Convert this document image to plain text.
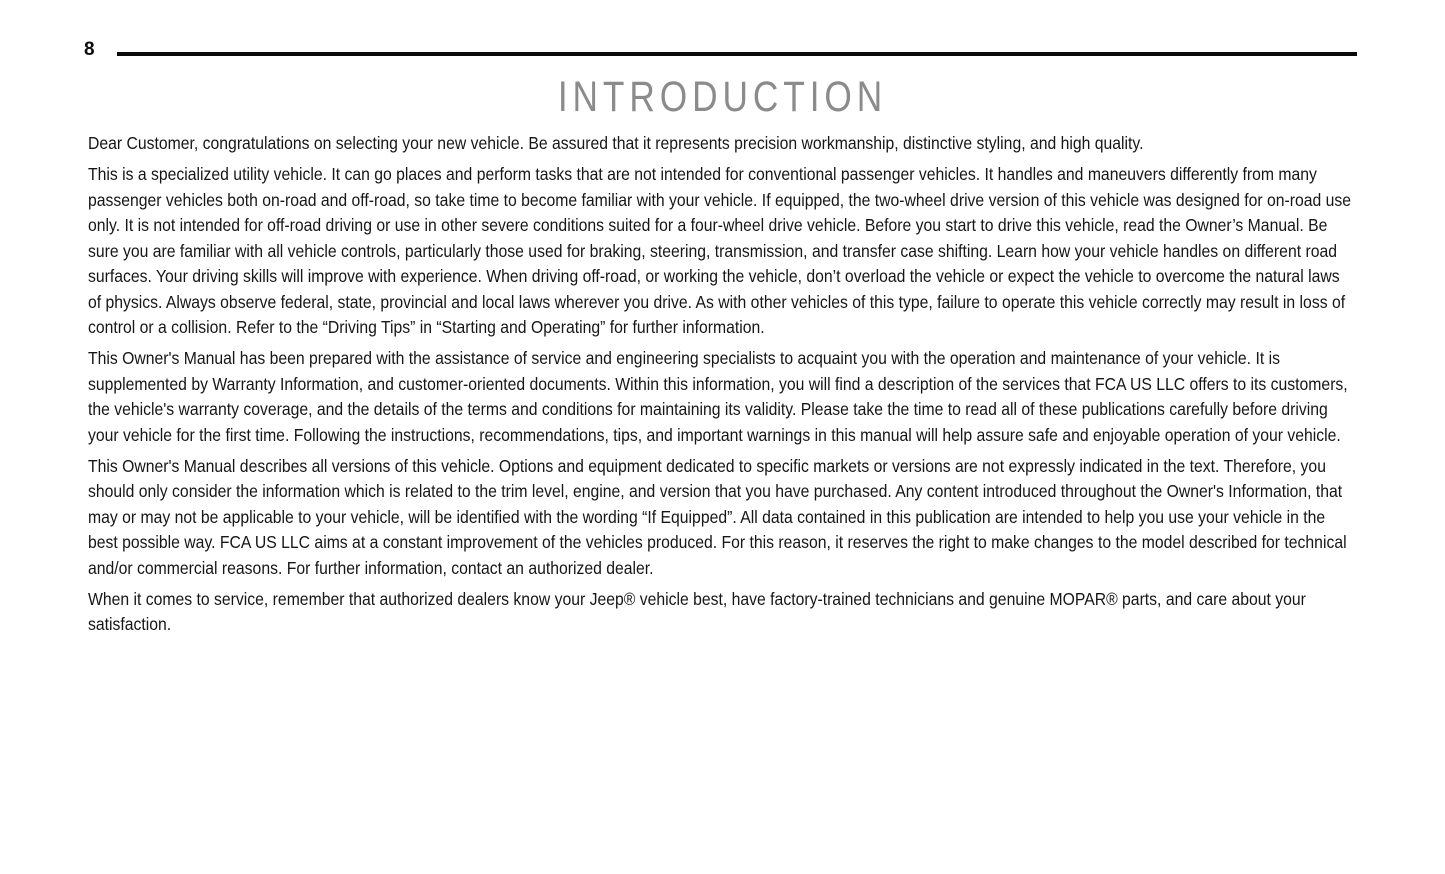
8
INTRODUCTION

Dear Customer, congratulations on selecting your new vehicle. Be assured that it represents precision workmanship, distinctive styling, and high quality.

This is a specialized utility vehicle. It can go places and perform tasks that are not intended for conventional passenger vehicles. It handles and maneuvers differently from many passenger vehicles both on-road and off-road, so take time to become familiar with your vehicle. If equipped, the two-wheel drive version of this vehicle was designed for on-road use only. It is not intended for off-road driving or use in other severe conditions suited for a four-wheel drive vehicle. Before you start to drive this vehicle, read the Owner’s Manual. Be sure you are familiar with all vehicle controls, particularly those used for braking, steering, transmission, and transfer case shifting. Learn how your vehicle handles on different road surfaces. Your driving skills will improve with experience. When driving off-road, or working the vehicle, don’t overload the vehicle or expect the vehicle to overcome the natural laws of physics. Always observe federal, state, provincial and local laws wherever you drive. As with other vehicles of this type, failure to operate this vehicle correctly may result in loss of control or a collision. Refer to the “Driving Tips” in “Starting and Operating” for further information.

This Owner's Manual has been prepared with the assistance of service and engineering specialists to acquaint you with the operation and maintenance of your vehicle. It is supplemented by Warranty Information, and customer-oriented documents. Within this information, you will find a description of the services that FCA US LLC offers to its customers, the vehicle's warranty coverage, and the details of the terms and conditions for maintaining its validity. Please take the time to read all of these publications carefully before driving your vehicle for the first time. Following the instructions, recommendations, tips, and important warnings in this manual will help assure safe and enjoyable operation of your vehicle.

This Owner's Manual describes all versions of this vehicle. Options and equipment dedicated to specific markets or versions are not expressly indicated in the text. Therefore, you should only consider the information which is related to the trim level, engine, and version that you have purchased. Any content introduced throughout the Owner's Information, that may or may not be applicable to your vehicle, will be identified with the wording “If Equipped”. All data contained in this publication are intended to help you use your vehicle in the best possible way. FCA US LLC aims at a constant improvement of the vehicles produced. For this reason, it reserves the right to make changes to the model described for technical and/or commercial reasons. For further information, contact an authorized dealer.

When it comes to service, remember that authorized dealers know your Jeep® vehicle best, have factory-trained technicians and genuine MOPAR® parts, and care about your satisfaction.
